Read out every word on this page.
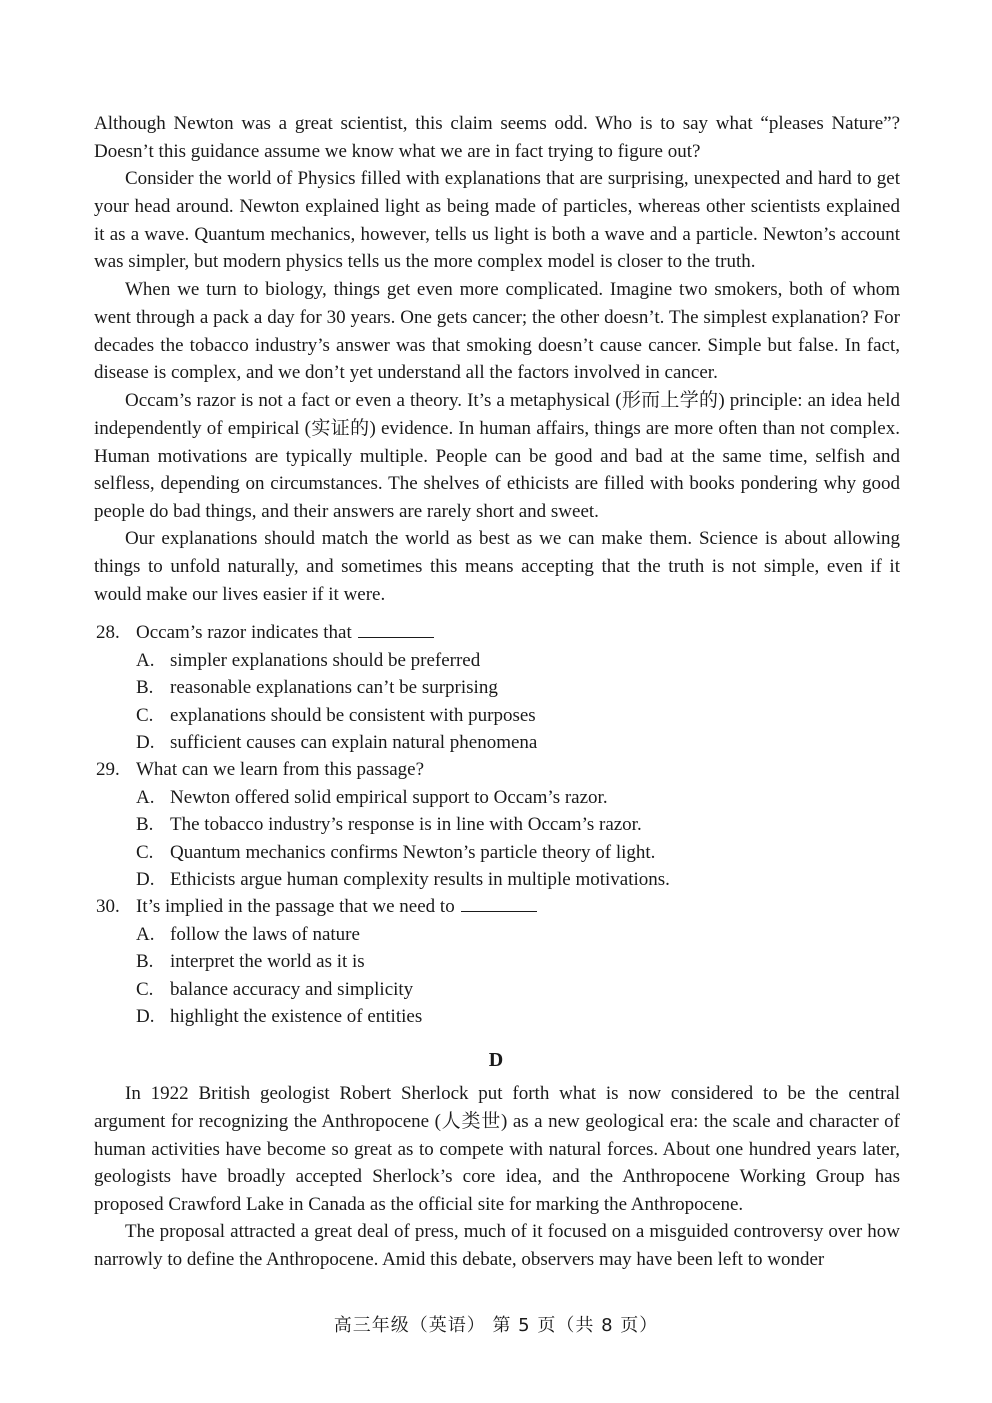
Although Newton was a great scientist, this claim seems odd. Who is to say what “pleases Nature”? Doesn’t this guidance assume we know what we are in fact trying to figure out?

Consider the world of Physics filled with explanations that are surprising, unexpected and hard to get your head around. Newton explained light as being made of particles, whereas other scientists explained it as a wave. Quantum mechanics, however, tells us light is both a wave and a particle. Newton’s account was simpler, but modern physics tells us the more complex model is closer to the truth.

When we turn to biology, things get even more complicated. Imagine two smokers, both of whom went through a pack a day for 30 years. One gets cancer; the other doesn’t. The simplest explanation? For decades the tobacco industry’s answer was that smoking doesn’t cause cancer. Simple but false. In fact, disease is complex, and we don’t yet understand all the factors involved in cancer.

Occam’s razor is not a fact or even a theory. It’s a metaphysical (形而上学的) principle: an idea held independently of empirical (实证的) evidence. In human affairs, things are more often than not complex. Human motivations are typically multiple. People can be good and bad at the same time, selfish and selfless, depending on circumstances. The shelves of ethicists are filled with books pondering why good people do bad things, and their answers are rarely short and sweet.

Our explanations should match the world as best as we can make them. Science is about allowing things to unfold naturally, and sometimes this means accepting that the truth is not simple, even if it would make our lives easier if it were.

28. Occam’s razor indicates that
A. simpler explanations should be preferred
B. reasonable explanations can’t be surprising
C. explanations should be consistent with purposes
D. sufficient causes can explain natural phenomena
29. What can we learn from this passage?
A. Newton offered solid empirical support to Occam’s razor.
B. The tobacco industry’s response is in line with Occam’s razor.
C. Quantum mechanics confirms Newton’s particle theory of light.
D. Ethicists argue human complexity results in multiple motivations.
30. It’s implied in the passage that we need to
A. follow the laws of nature
B. interpret the world as it is
C. balance accuracy and simplicity
D. highlight the existence of entities

D

In 1922 British geologist Robert Sherlock put forth what is now considered to be the central argument for recognizing the Anthropocene (人类世) as a new geological era: the scale and character of human activities have become so great as to compete with natural forces. About one hundred years later, geologists have broadly accepted Sherlock’s core idea, and the Anthropocene Working Group has proposed Crawford Lake in Canada as the official site for marking the Anthropocene.

The proposal attracted a great deal of press, much of it focused on a misguided controversy over how narrowly to define the Anthropocene. Amid this debate, observers may have been left to wonder

高三年级（英语） 第 5 页（共 8 页）
